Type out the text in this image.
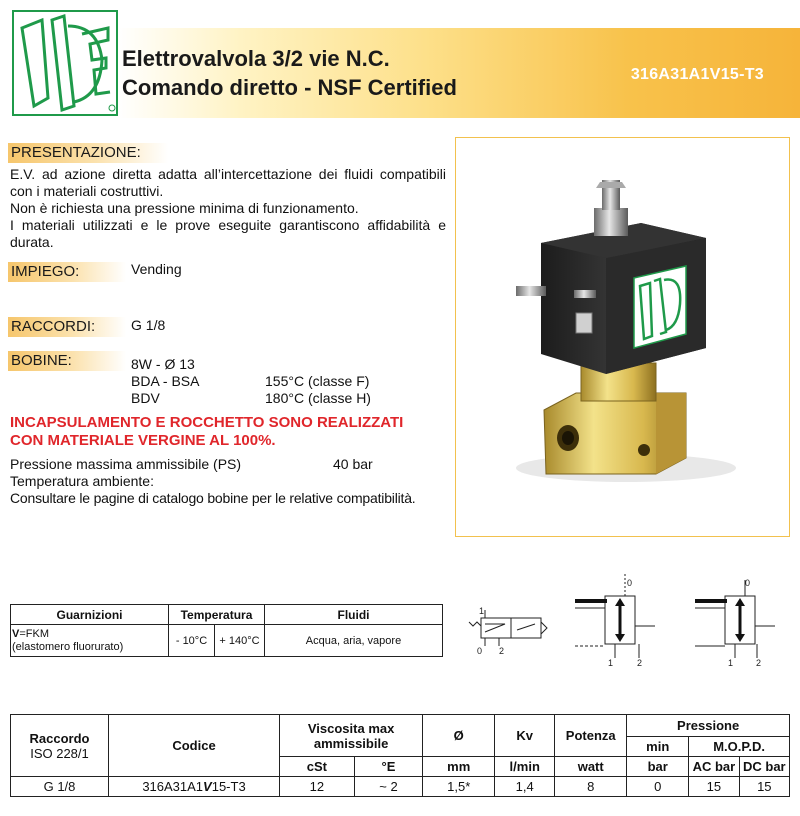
Elettrovalvola 3/2 vie N.C.
Comando diretto - NSF Certified
316A31A1V15-T3
PRESENTAZIONE:
E.V. ad azione diretta adatta all’intercettazione dei fluidi compatibili con i materiali costruttivi.
Non è richiesta una pressione minima di funzionamento.
I materiali utilizzati e le prove eseguite garantiscono affidabilità e durata.
IMPIEGO:	Vending
RACCORDI:	G 1/8
BOBINE:	8W - Ø 13
BDA - BSA	155°C (classe F)
BDV	180°C (classe H)
INCAPSULAMENTO E ROCCHETTO SONO REALIZZATI
CON MATERIALE VERGINE AL 100%.
Pressione massima ammissibile (PS)	40 bar
Temperatura ambiente:
Consultare le pagine di catalogo bobine per le relative compatibilità.
Guarnizioni	Temperatura		Fluidi
V=FKM
(elastomero fluorurato)	- 10°C	+ 140°C	Acqua, aria, vapore
1
0 2
0
1	2
0
1	2
Raccordo
ISO 228/1	Codice	Viscosita max ammissibile		Ø	Kv	Potenza	Pressione		
							min	M.O.P.D.	
		cSt	°E	mm	l/min	watt	bar	AC bar	DC bar
G 1/8	316A31A1V15-T3	12	~ 2	1,5*	1,4	8	0	15	15
